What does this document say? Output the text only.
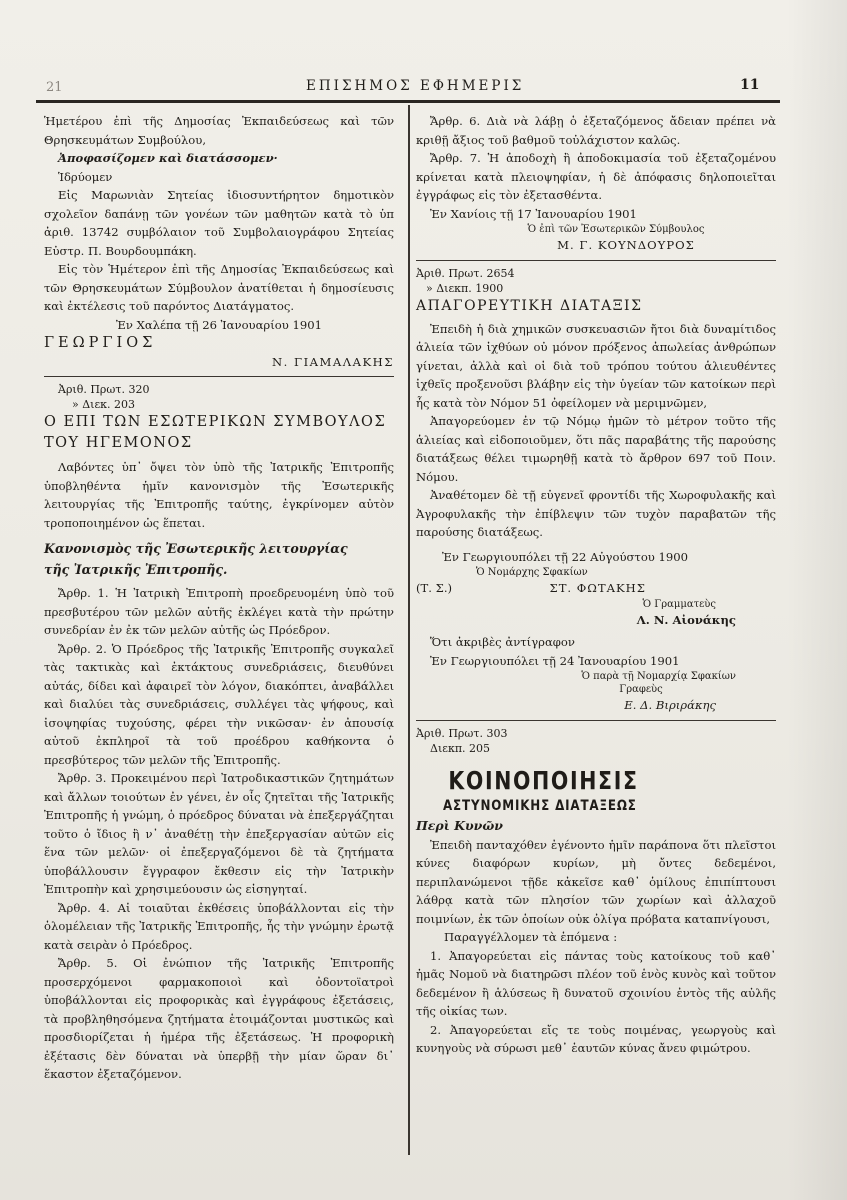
21	ΕΠΙΣΗΜΟΣ ΕΦΗΜΕΡΙΣ	11

Ἡμετέρου ἐπὶ τῆς Δημοσίας Ἐκπαιδεύσεως καὶ τῶν Θρησκευμάτων Συμβούλου,

Ἀποφασίζομεν καὶ διατάσσομεν·

Ἱδρύομεν

Εἰς Μαρωνιὰν Σητείας ἰδιοσυντήρητον δημοτικὸν σχολεῖον δαπάνῃ τῶν γονέων τῶν μαθητῶν κατὰ τὸ ὑπ ἀριθ. 13742 συμβόλαιον τοῦ Συμβολαιογράφου Σητείας Εὐστρ. Π. Βουρδουμπάκη.

Εἰς τὸν Ἡμέτερον ἐπὶ τῆς Δημοσίας Ἐκπαιδεύσεως καὶ τῶν Θρησκευμάτων Σύμβουλον ἀνατίθεται ἡ δημοσίευσις καὶ ἐκτέλεσις τοῦ παρόντος Διατάγματος.

Ἐν Χαλέπα τῇ 26 Ἰανουαρίου 1901

ΓΕΩΡΓΙΟΣ

Ν. ΓΙΑΜΑΛΑΚΗΣ

Ἀριθ. Πρωτ. 320

» Διεκ. 203

Ο ΕΠΙ ΤΩΝ ΕΣΩΤΕΡΙΚΩΝ ΣΥΜΒΟΥΛΟΣ

ΤΟΥ ΗΓΕΜΟΝΟΣ

Λαβόντες ὑπ᾿ ὄψει τὸν ὑπὸ τῆς Ἰατρικῆς Ἐπιτροπῆς ὑποβληθέντα ἡμῖν κανονισμὸν τῆς Ἐσωτερικῆς λειτουργίας τῆς Ἐπιτροπῆς ταύτης, ἐγκρίνομεν αὐτὸν τροποποιημένον ὡς ἕπεται.

Κανονισμὸς τῆς Ἐσωτερικῆς λειτουργίας

τῆς Ἰατρικῆς Ἐπιτροπῆς.

Ἄρθρ. 1. Ἡ Ἰατρικὴ Ἐπιτροπὴ προεδρευομένη ὑπὸ τοῦ πρεσβυτέρου τῶν μελῶν αὐτῆς ἐκλέγει κατὰ τὴν πρώτην συνεδρίαν ἐν ἐκ τῶν μελῶν αὐτῆς ὡς Πρόεδρον.

Ἄρθρ. 2. Ὁ Πρόεδρος τῆς Ἰατρικῆς Ἐπιτροπῆς συγκαλεῖ τὰς τακτικὰς καὶ ἐκτάκτους συνεδριάσεις, διευθύνει αὐτάς, δίδει καὶ ἀφαιρεῖ τὸν λόγον, διακόπτει, ἀναβάλλει καὶ διαλύει τὰς συνεδριάσεις, συλλέγει τὰς ψήφους, καὶ ἰσοψηφίας τυχούσης, φέρει τὴν νικῶσαν· ἐν ἀπουσίᾳ αὐτοῦ ἐκπληροῖ τὰ τοῦ προέδρου καθήκοντα ὁ πρεσβύτερος τῶν μελῶν τῆς Ἐπιτροπῆς.

Ἄρθρ. 3. Προκειμένου περὶ Ἰατροδικαστικῶν ζητημάτων καὶ ἄλλων τοιούτων ἐν γένει, ἐν οἷς ζητεῖται τῆς Ἰατρικῆς Ἐπιτροπῆς ἡ γνώμη, ὁ πρόεδρος δύναται νὰ ἐπεξεργάζηται τοῦτο ὁ ἴδιος ἢ ν᾿ ἀναθέτῃ τὴν ἐπεξεργασίαν αὐτῶν εἰς ἕνα τῶν μελῶν· οἱ ἐπεξεργαζόμενοι δὲ τὰ ζητήματα ὑποβάλλουσιν ἔγγραφον ἔκθεσιν εἰς τὴν Ἰατρικὴν Ἐπιτροπὴν καὶ χρησιμεύουσιν ὡς εἰσηγηταί.

Ἄρθρ. 4. Αἱ τοιαῦται ἐκθέσεις ὑποβάλλονται εἰς τὴν ὁλομέλειαν τῆς Ἰατρικῆς Ἐπιτροπῆς, ἧς τὴν γνώμην ἐρωτᾷ κατὰ σειρὰν ὁ Πρόεδρος.

Ἄρθρ. 5. Οἱ ἐνώπιον τῆς Ἰατρικῆς Ἐπιτροπῆς προσερχόμενοι φαρμακοποιοὶ καὶ ὀδοντοϊατροὶ ὑποβάλλονται εἰς προφορικὰς καὶ ἐγγράφους ἐξετάσεις, τὰ προβληθησόμενα ζητήματα ἑτοιμάζονται μυστικῶς καὶ προσδιορίζεται ἡ ἡμέρα τῆς ἐξετάσεως. Ἡ προφορικὴ ἐξέτασις δὲν δύναται νὰ ὑπερβῇ τὴν μίαν ὥραν δι᾿ ἕκαστον ἐξεταζόμενον.

Ἄρθρ. 6. Διὰ νὰ λάβῃ ὁ ἐξεταζόμενος ἄδειαν πρέπει νὰ κριθῇ ἄξιος τοῦ βαθμοῦ τοὐλάχιστον καλῶς.

Ἄρθρ. 7. Ἡ ἀποδοχὴ ἢ ἀποδοκιμασία τοῦ ἐξεταζομένου κρίνεται κατὰ πλειοψηφίαν, ἡ δὲ ἀπόφασις δηλοποιεῖται ἐγγράφως εἰς τὸν ἐξετασθέντα.

Ἐν Χανίοις τῇ 17 Ἰανουαρίου 1901

Ὁ ἐπὶ τῶν Ἐσωτερικῶν Σύμβουλος

Μ. Γ. ΚΟΥΝΔΟΥΡΟΣ

Ἀριθ. Πρωτ. 2654

» Διεκπ. 1900

ΑΠΑΓΟΡΕΥΤΙΚΗ ΔΙΑΤΑΞΙΣ

Ἐπειδὴ ἡ διὰ χημικῶν συσκευασιῶν ἤτοι διὰ δυναμίτιδος ἁλιεία τῶν ἰχθύων οὐ μόνον πρόξενος ἀπωλείας ἀνθρώπων γίνεται, ἀλλὰ καὶ οἱ διὰ τοῦ τρόπου τούτου ἁλιευθέντες ἰχθεῖς προξενοῦσι βλάβην εἰς τὴν ὑγείαν τῶν κατοίκων περὶ ἧς κατὰ τὸν Νόμον 51 ὀφείλομεν νὰ μεριμνῶμεν,

Ἀπαγορεύομεν ἐν τῷ Νόμῳ ἡμῶν τὸ μέτρον τοῦτο τῆς ἁλιείας καὶ εἰδοποιοῦμεν, ὅτι πᾶς παραβάτης τῆς παρούσης διατάξεως θέλει τιμωρηθῇ κατὰ τὸ ἄρθρον 697 τοῦ Ποιν. Νόμου.

Ἀναθέτομεν δὲ τῇ εὐγενεῖ φροντίδι τῆς Χωροφυλακῆς καὶ Ἀγροφυλακῆς τὴν ἐπίβλεψιν τῶν τυχὸν παραβατῶν τῆς παρούσης διατάξεως.

Ἐν Γεωργιουπόλει τῇ 22 Αὐγούστου 1900

Ὁ Νομάρχης Σφακίων

(Τ. Σ.)	ΣΤ. ΦΩΤΑΚΗΣ

Ὁ Γραμματεὺς

Λ. Ν. Αἰονάκης

Ὅτι ἀκριβὲς ἀντίγραφον

Ἐν Γεωργιουπόλει τῇ 24 Ἰανουαρίου 1901

Ὁ παρὰ τῇ Νομαρχίᾳ Σφακίων

Γραφεὺς

Ε. Δ. Βιριράκης

Ἀριθ. Πρωτ. 303

Διεκπ. 205

ΚΟΙΝΟΠΟΙΗΣΙΣ

ΑΣΤΥΝΟΜΙΚΗΣ ΔΙΑΤΑΞΕΩΣ

Περὶ Κυνῶν

Ἐπειδὴ πανταχόθεν ἐγένοντο ἡμῖν παράπονα ὅτι πλεῖστοι κύνες διαφόρων κυρίων, μὴ ὄντες δεδεμένοι, περιπλανώμενοι τῇδε κἀκεῖσε καθ᾿ ὁμίλους ἐπιπίπτουσι λάθρᾳ κατὰ τῶν πλησίον τῶν χωρίων καὶ ἀλλαχοῦ ποιμνίων, ἐκ τῶν ὁποίων οὐκ ὀλίγα πρόβατα καταπνίγουσι,

Παραγγέλλομεν τὰ ἑπόμενα :

1. Ἀπαγορεύεται εἰς πάντας τοὺς κατοίκους τοῦ καθ᾿ ἡμᾶς Νομοῦ νὰ διατηρῶσι πλέον τοῦ ἑνὸς κυνὸς καὶ τοῦτον δεδεμένον ἢ ἁλύσεως ἢ δυνατοῦ σχοινίου ἐντὸς τῆς αὐλῆς τῆς οἰκίας των.

2. Ἀπαγορεύεται εἴς τε τοὺς ποιμένας, γεωργοὺς καὶ κυνηγοὺς νὰ σύρωσι μεθ᾿ ἑαυτῶν κύνας ἄνευ φιμώτρου.
